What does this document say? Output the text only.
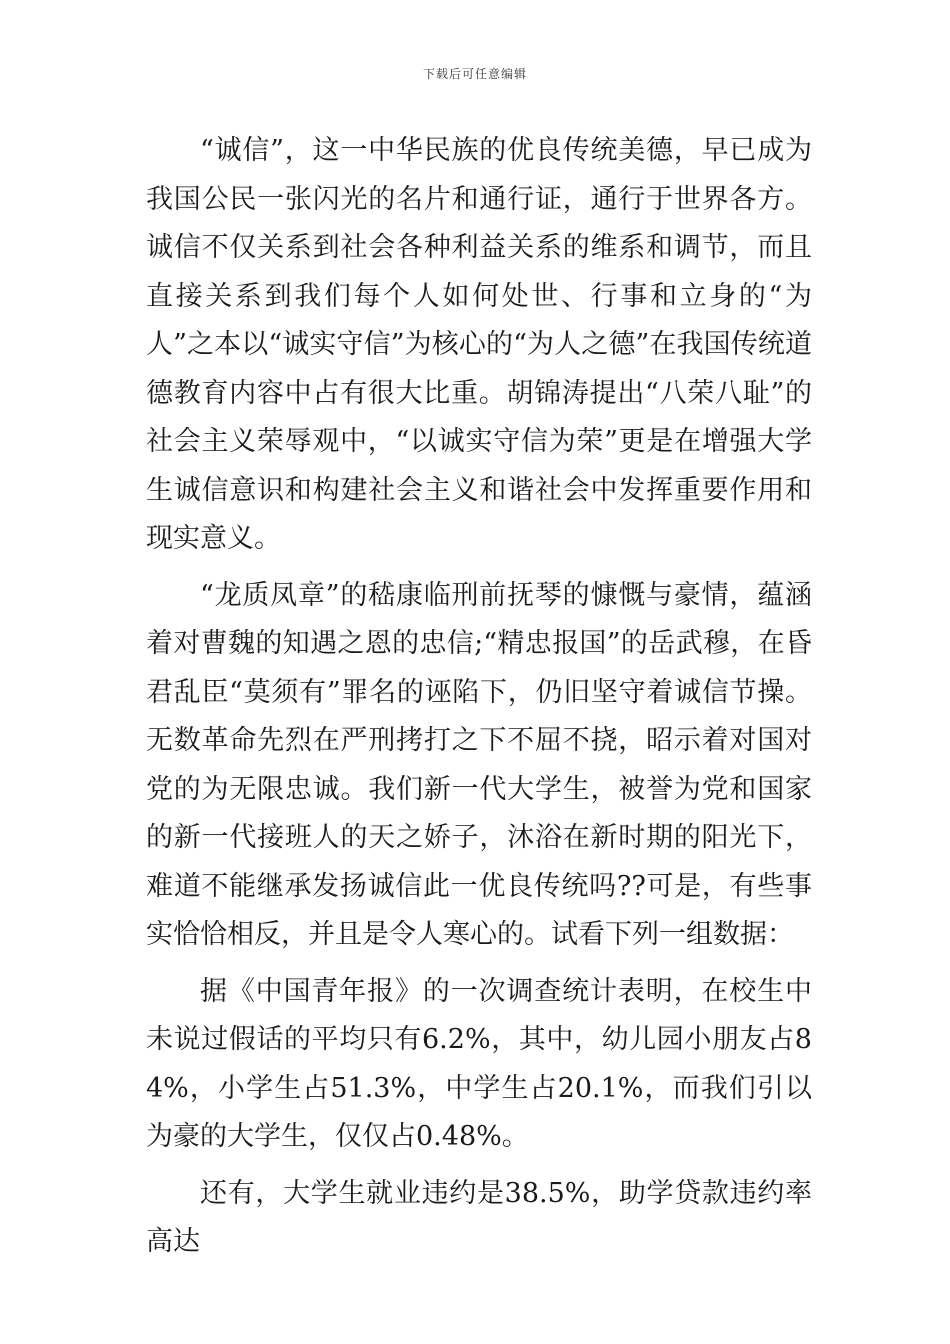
下载后可任意编辑

“诚信”，这一中华民族的优良传统美德，早已成为我国公民一张闪光的名片和通行证，通行于世界各方。诚信不仅关系到社会各种利益关系的维系和调节，而且直接关系到我们每个人如何处世、行事和立身的“为人”之本以“诚实守信”为核心的“为人之德”在我国传统道德教育内容中占有很大比重。胡锦涛提出“八荣八耻”的社会主义荣辱观中，“以诚实守信为荣”更是在增强大学生诚信意识和构建社会主义和谐社会中发挥重要作用和现实意义。

“龙质凤章”的嵇康临刑前抚琴的慷慨与豪情，蕴涵着对曹魏的知遇之恩的忠信;“精忠报国”的岳武穆，在昏君乱臣“莫须有”罪名的诬陷下，仍旧坚守着诚信节操。无数革命先烈在严刑拷打之下不屈不挠，昭示着对国对党的为无限忠诚。我们新一代大学生，被誉为党和国家的新一代接班人的天之娇子，沐浴在新时期的阳光下，难道不能继承发扬诚信此一优良传统吗??可是，有些事实恰恰相反，并且是令人寒心的。试看下列一组数据：

据《中国青年报》的一次调查统计表明，在校生中未说过假话的平均只有6.2%，其中，幼儿园小朋友占84%，小学生占51.3%，中学生占20.1%，而我们引以为豪的大学生，仅仅占0.48%。

还有，大学生就业违约是38.5%，助学贷款违约率高达
